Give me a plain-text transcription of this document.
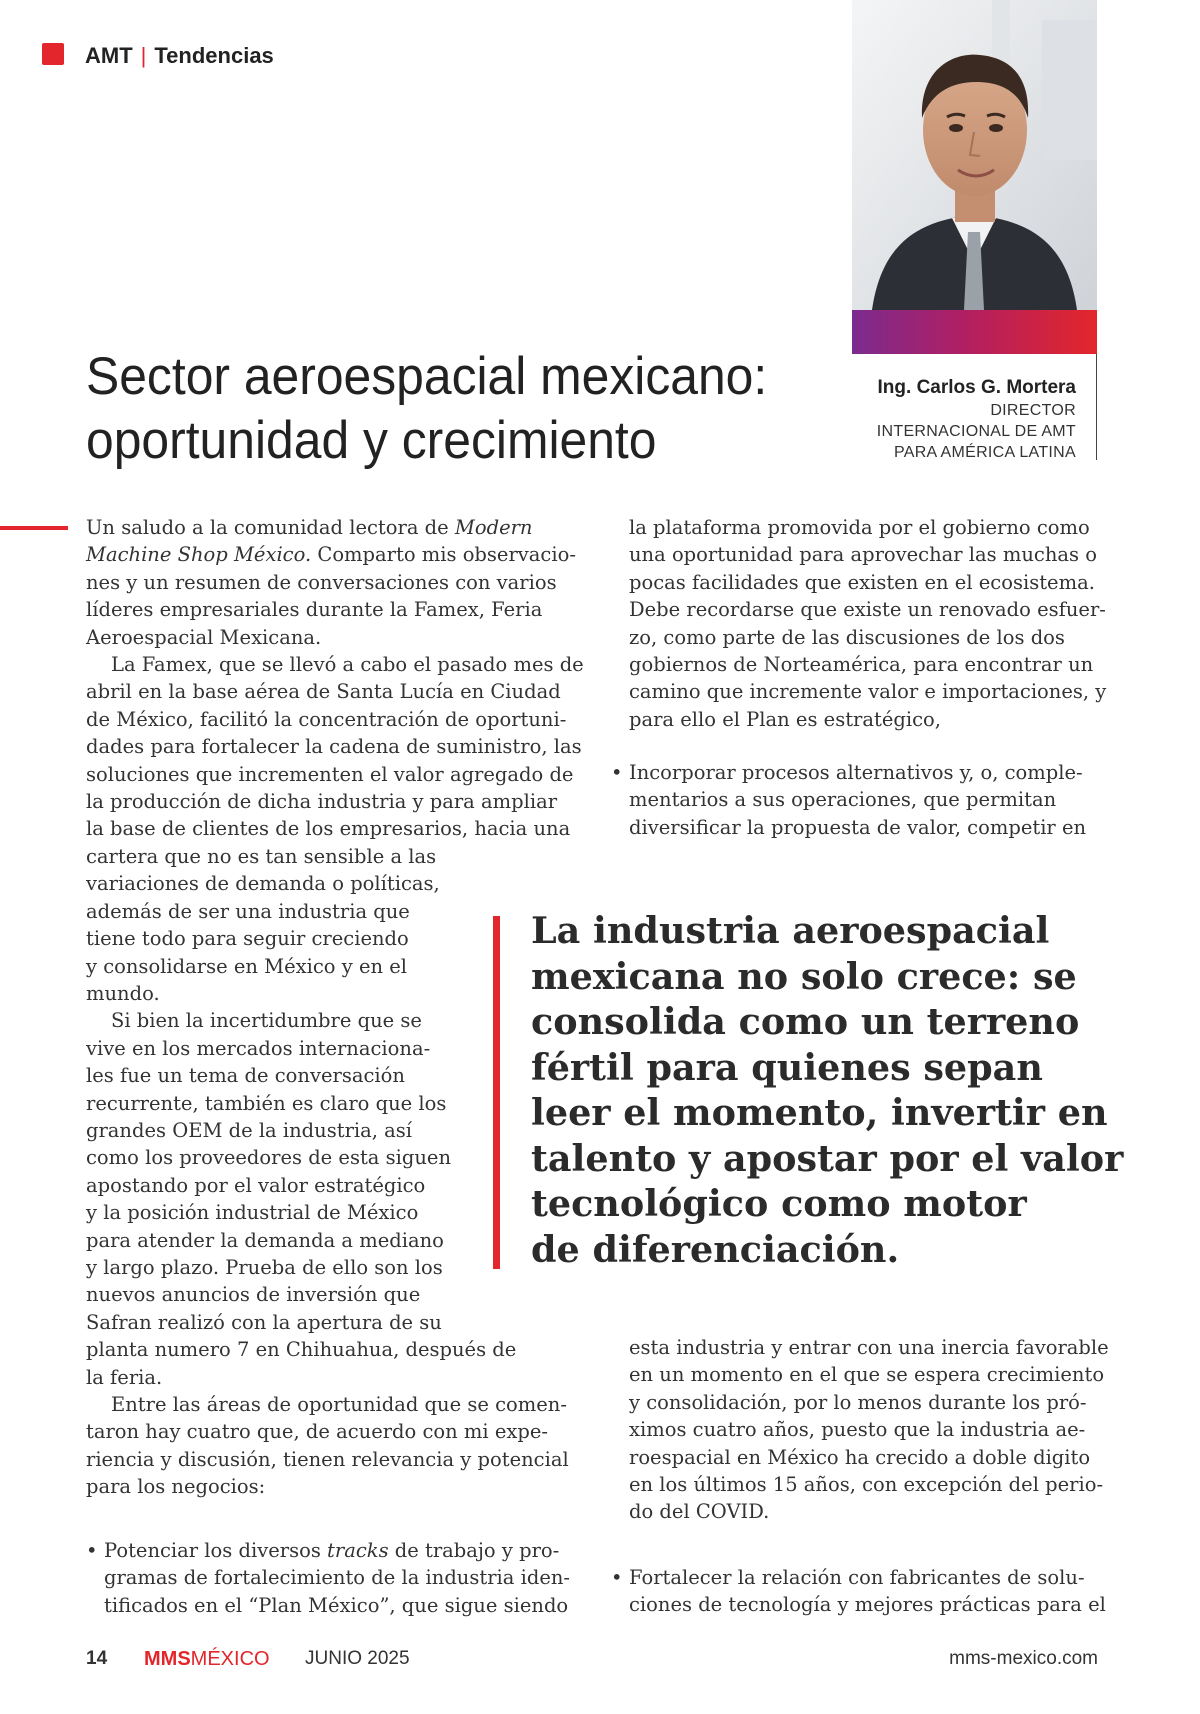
AMT | Tendencias
Ing. Carlos G. Mortera
DIRECTOR
INTERNACIONAL DE AMT
PARA AMÉRICA LATINA
Sector aeroespacial mexicano:
oportunidad y crecimiento

Un saludo a la comunidad lectora de Modern
Machine Shop México. Comparto mis observacio-
nes y un resumen de conversaciones con varios
líderes empresariales durante la Famex, Feria
Aeroespacial Mexicana.

La Famex, que se llevó a cabo el pasado mes de
abril en la base aérea de Santa Lucía en Ciudad
de México, facilitó la concentración de oportuni-
dades para fortalecer la cadena de suministro, las
soluciones que incrementen el valor agregado de
la producción de dicha industria y para ampliar
la base de clientes de los empresarios, hacia una
cartera que no es tan sensible a las
variaciones de demanda o políticas,
además de ser una industria que
tiene todo para seguir creciendo
y consolidarse en México y en el
mundo.

Si bien la incertidumbre que se
vive en los mercados internaciona-
les fue un tema de conversación
recurrente, también es claro que los
grandes OEM de la industria, así
como los proveedores de esta siguen
apostando por el valor estratégico
y la posición industrial de México
para atender la demanda a mediano
y largo plazo. Prueba de ello son los
nuevos anuncios de inversión que
Safran realizó con la apertura de su
planta numero 7 en Chihuahua, después de
la feria.

Entre las áreas de oportunidad que se comen-
taron hay cuatro que, de acuerdo con mi expe-
riencia y discusión, tienen relevancia y potencial
para los negocios:

• Potenciar los diversos tracks de trabajo y pro-
gramas de fortalecimiento de la industria iden-
tificados en el “Plan México”, que sigue siendo

la plataforma promovida por el gobierno como
una oportunidad para aprovechar las muchas o
pocas facilidades que existen en el ecosistema.
Debe recordarse que existe un renovado esfuer-
zo, como parte de las discusiones de los dos
gobiernos de Norteamérica, para encontrar un
camino que incremente valor e importaciones, y
para ello el Plan es estratégico,

• Incorporar procesos alternativos y, o, comple-
mentarios a sus operaciones, que permitan
diversificar la propuesta de valor, competir en

La industria aeroespacial
mexicana no solo crece: se
consolida como un terreno
fértil para quienes sepan
leer el momento, invertir en
talento y apostar por el valor
tecnológico como motor
de diferenciación.

esta industria y entrar con una inercia favorable
en un momento en el que se espera crecimiento
y consolidación, por lo menos durante los pró-
ximos cuatro años, puesto que la industria ae-
roespacial en México ha crecido a doble digito
en los últimos 15 años, con excepción del perio-
do del COVID.

• Fortalecer la relación con fabricantes de solu-
ciones de tecnología y mejores prácticas para el

14 MMS MÉXICO JUNIO 2025	mms-mexico.com
